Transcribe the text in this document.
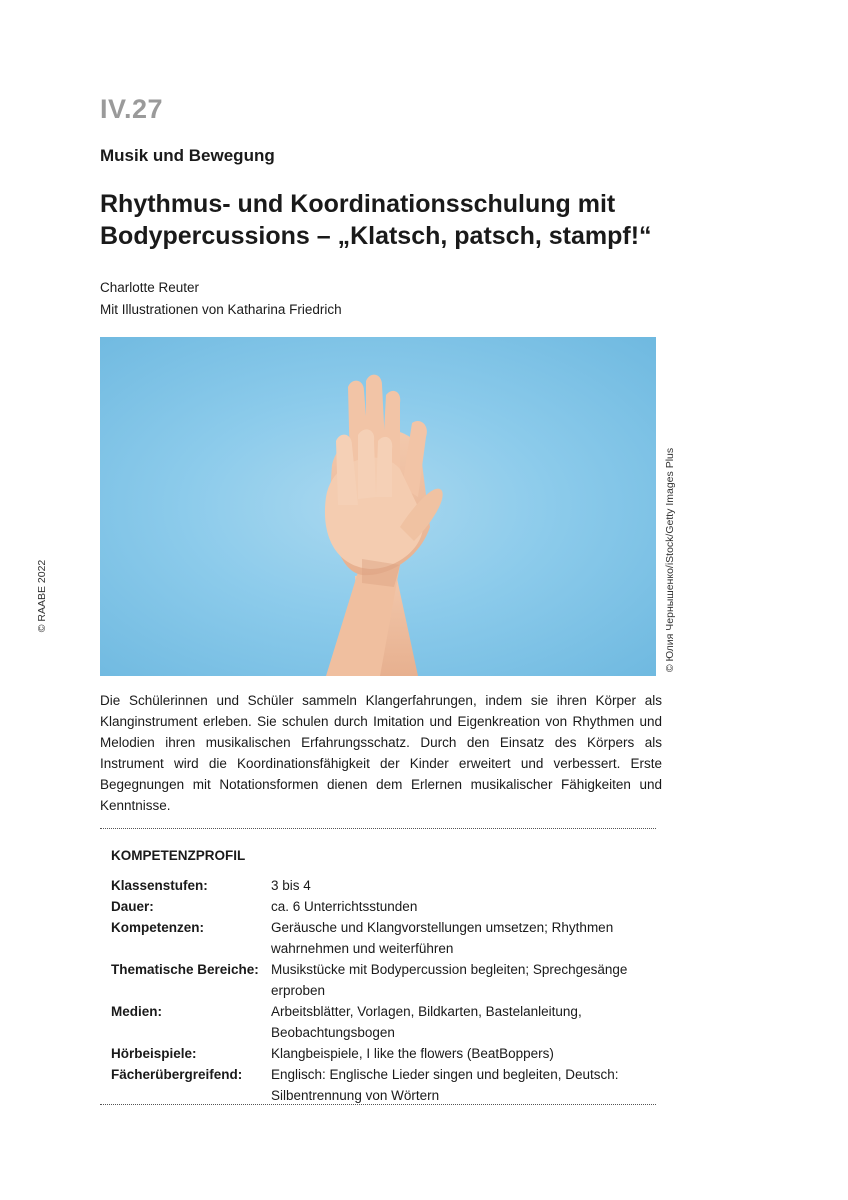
IV.27
Musik und Bewegung
Rhythmus- und Koordinationsschulung mit Bodypercussions – „Klatsch, patsch, stampf!“
Charlotte Reuter
Mit Illustrationen von Katharina Friedrich
© RAABE 2022	© Юлия Чернышенко/iStock/Getty Images Plus

Die Schülerinnen und Schüler sammeln Klangerfahrungen, indem sie ihren Körper als Klanginstrument erleben. Sie schulen durch Imitation und Eigenkreation von Rhythmen und Melodien ihren musikalischen Erfahrungsschatz. Durch den Einsatz des Körpers als Instrument wird die Koordinationsfähigkeit der Kinder erweitert und verbessert. Erste Begegnungen mit Notationsformen dienen dem Erlernen musikalischer Fähigkeiten und Kenntnisse.

KOMPETENZPROFIL
Klassenstufen:	3 bis 4
Dauer:	ca. 6 Unterrichtsstunden
Kompetenzen:	Geräusche und Klangvorstellungen umsetzen; Rhythmen wahrnehmen und weiterführen
Thematische Bereiche: Musikstücke mit Bodypercussion begleiten; Sprechgesänge erproben
Medien:	Arbeitsblätter, Vorlagen, Bildkarten, Bastelanleitung, Beobachtungsbogen
Hörbeispiele:	Klangbeispiele, I like the flowers (BeatBoppers)
Fächerübergreifend:	Englisch: Englische Lieder singen und begleiten, Deutsch: Silbentrennung von Wörtern
